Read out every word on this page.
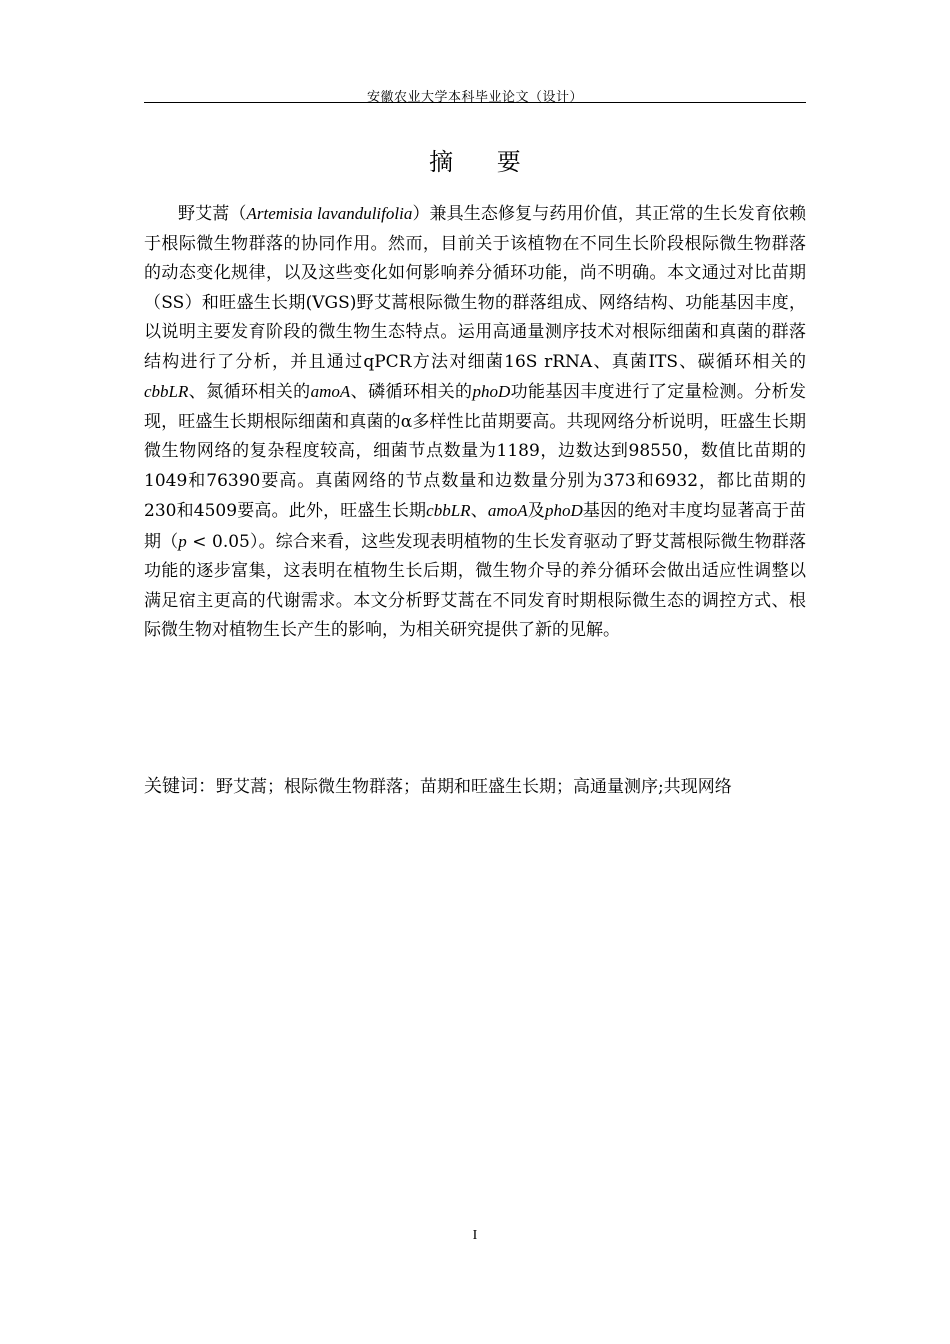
安徽农业大学本科毕业论文（设计）
摘 要

野艾蒿（Artemisia lavandulifolia）兼具生态修复与药用价值，其正常的生长发育依赖于根际微生物群落的协同作用。然而，目前关于该植物在不同生长阶段根际微生物群落的动态变化规律，以及这些变化如何影响养分循环功能，尚不明确。本文通过对比苗期（SS）和旺盛生长期(VGS)野艾蒿根际微生物的群落组成、网络结构、功能基因丰度，以说明主要发育阶段的微生物生态特点。运用高通量测序技术对根际细菌和真菌的群落结构进行了分析，并且通过qPCR方法对细菌16S rRNA、真菌ITS、碳循环相关的cbbLR、氮循环相关的amoA、磷循环相关的phoD功能基因丰度进行了定量检测。分析发现，旺盛生长期根际细菌和真菌的α多样性比苗期要高。共现网络分析说明，旺盛生长期微生物网络的复杂程度较高，细菌节点数量为1189，边数达到98550，数值比苗期的1049和76390要高。真菌网络的节点数量和边数量分别为373和6932，都比苗期的230和4509要高。此外，旺盛生长期cbbLR、amoA及phoD基因的绝对丰度均显著高于苗期（p < 0.05）。综合来看，这些发现表明植物的生长发育驱动了野艾蒿根际微生物群落功能的逐步富集，这表明在植物生长后期，微生物介导的养分循环会做出适应性调整以满足宿主更高的代谢需求。本文分析野艾蒿在不同发育时期根际微生态的调控方式、根际微生物对植物生长产生的影响，为相关研究提供了新的见解。

关键词：野艾蒿；根际微生物群落；苗期和旺盛生长期；高通量测序;共现网络

I
